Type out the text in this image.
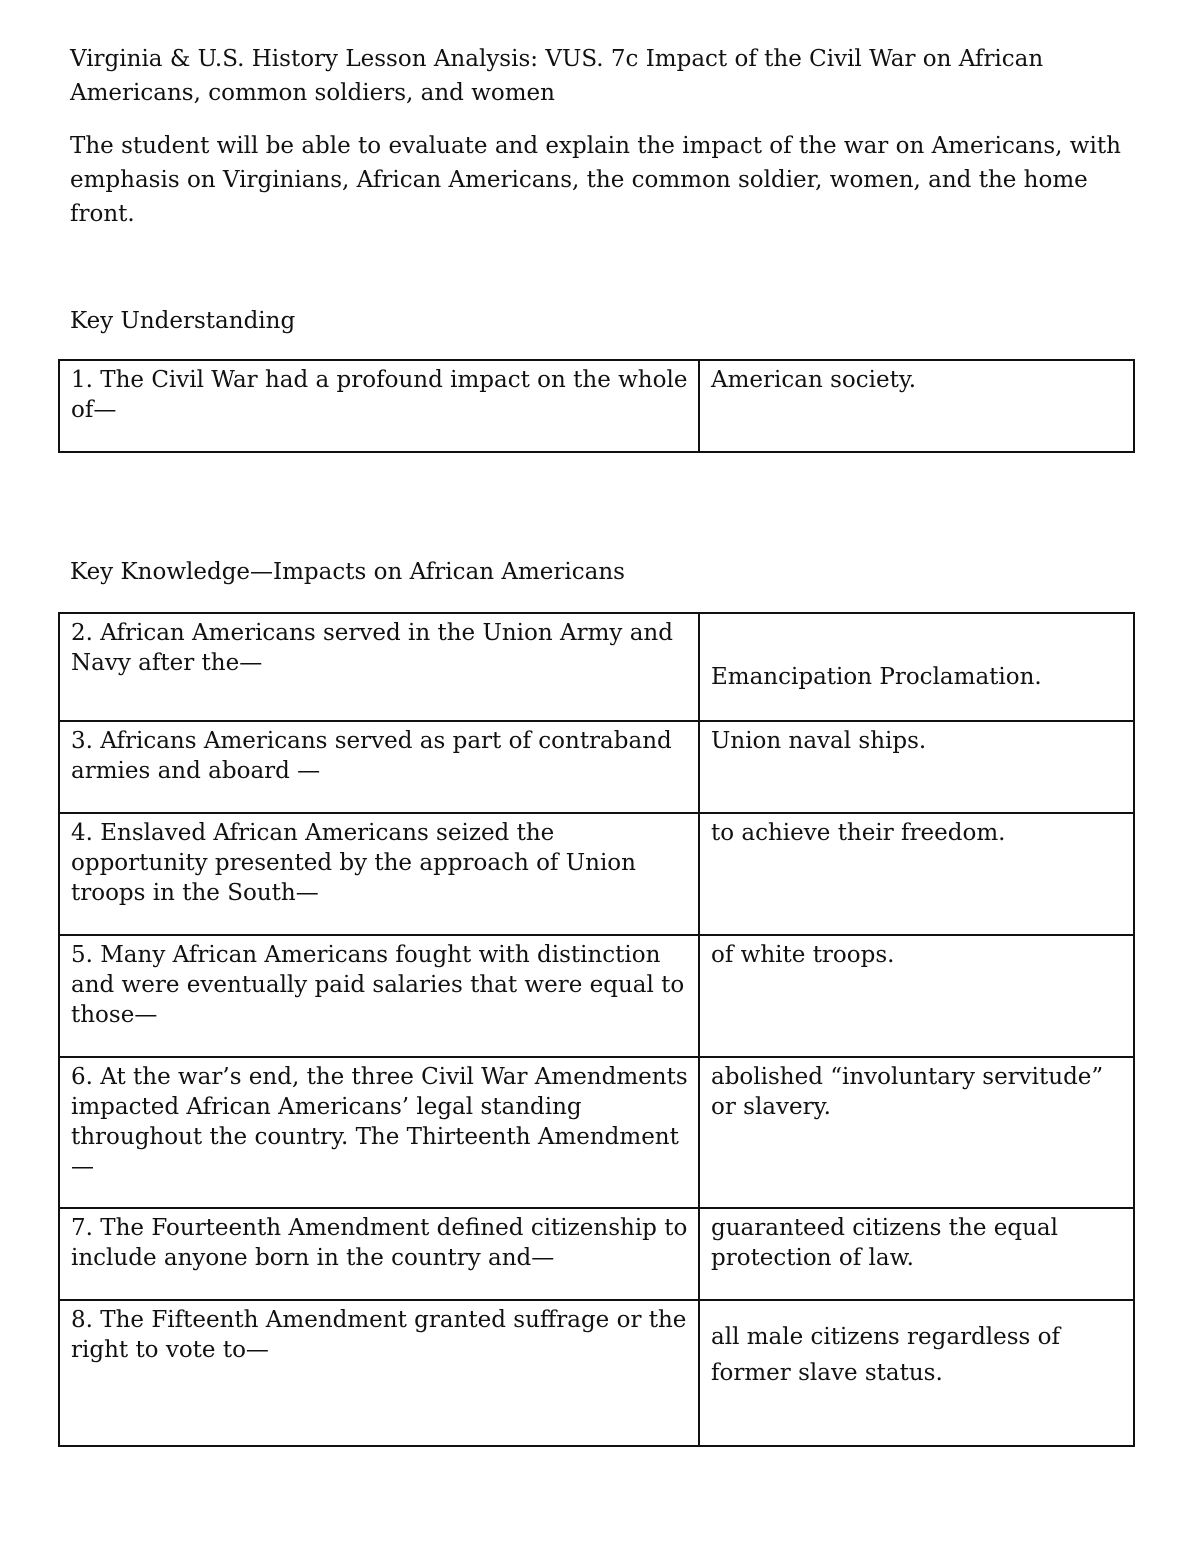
Virginia & U.S. History Lesson Analysis: VUS. 7c Impact of the Civil War on African Americans, common soldiers, and women

The student will be able to evaluate and explain the impact of the war on Americans, with emphasis on Virginians, African Americans, the common soldier, women, and the home front.

Key Understanding
1. The Civil War had a profound impact on the whole of—	American society.
Key Knowledge—Impacts on African Americans
2. African Americans served in the Union Army and Navy after the—	Emancipation Proclamation.

3. Africans Americans served as part of contraband armies and aboard —	Union naval ships.
4. Enslaved African Americans seized the opportunity presented by the approach of Union troops in the South—	to achieve their freedom.
5. Many African Americans fought with distinction and were eventually paid salaries that were equal to those—	of white troops.
6. At the war’s end, the three Civil War Amendments impacted African Americans’ legal standing throughout the country. The Thirteenth Amendment—	abolished “involuntary servitude” or slavery.
7. The Fourteenth Amendment defined citizenship to include anyone born in the country and—	guaranteed citizens the equal protection of law.
8. The Fifteenth Amendment granted suffrage or the right to vote to—	all male citizens regardless of former slave status.
